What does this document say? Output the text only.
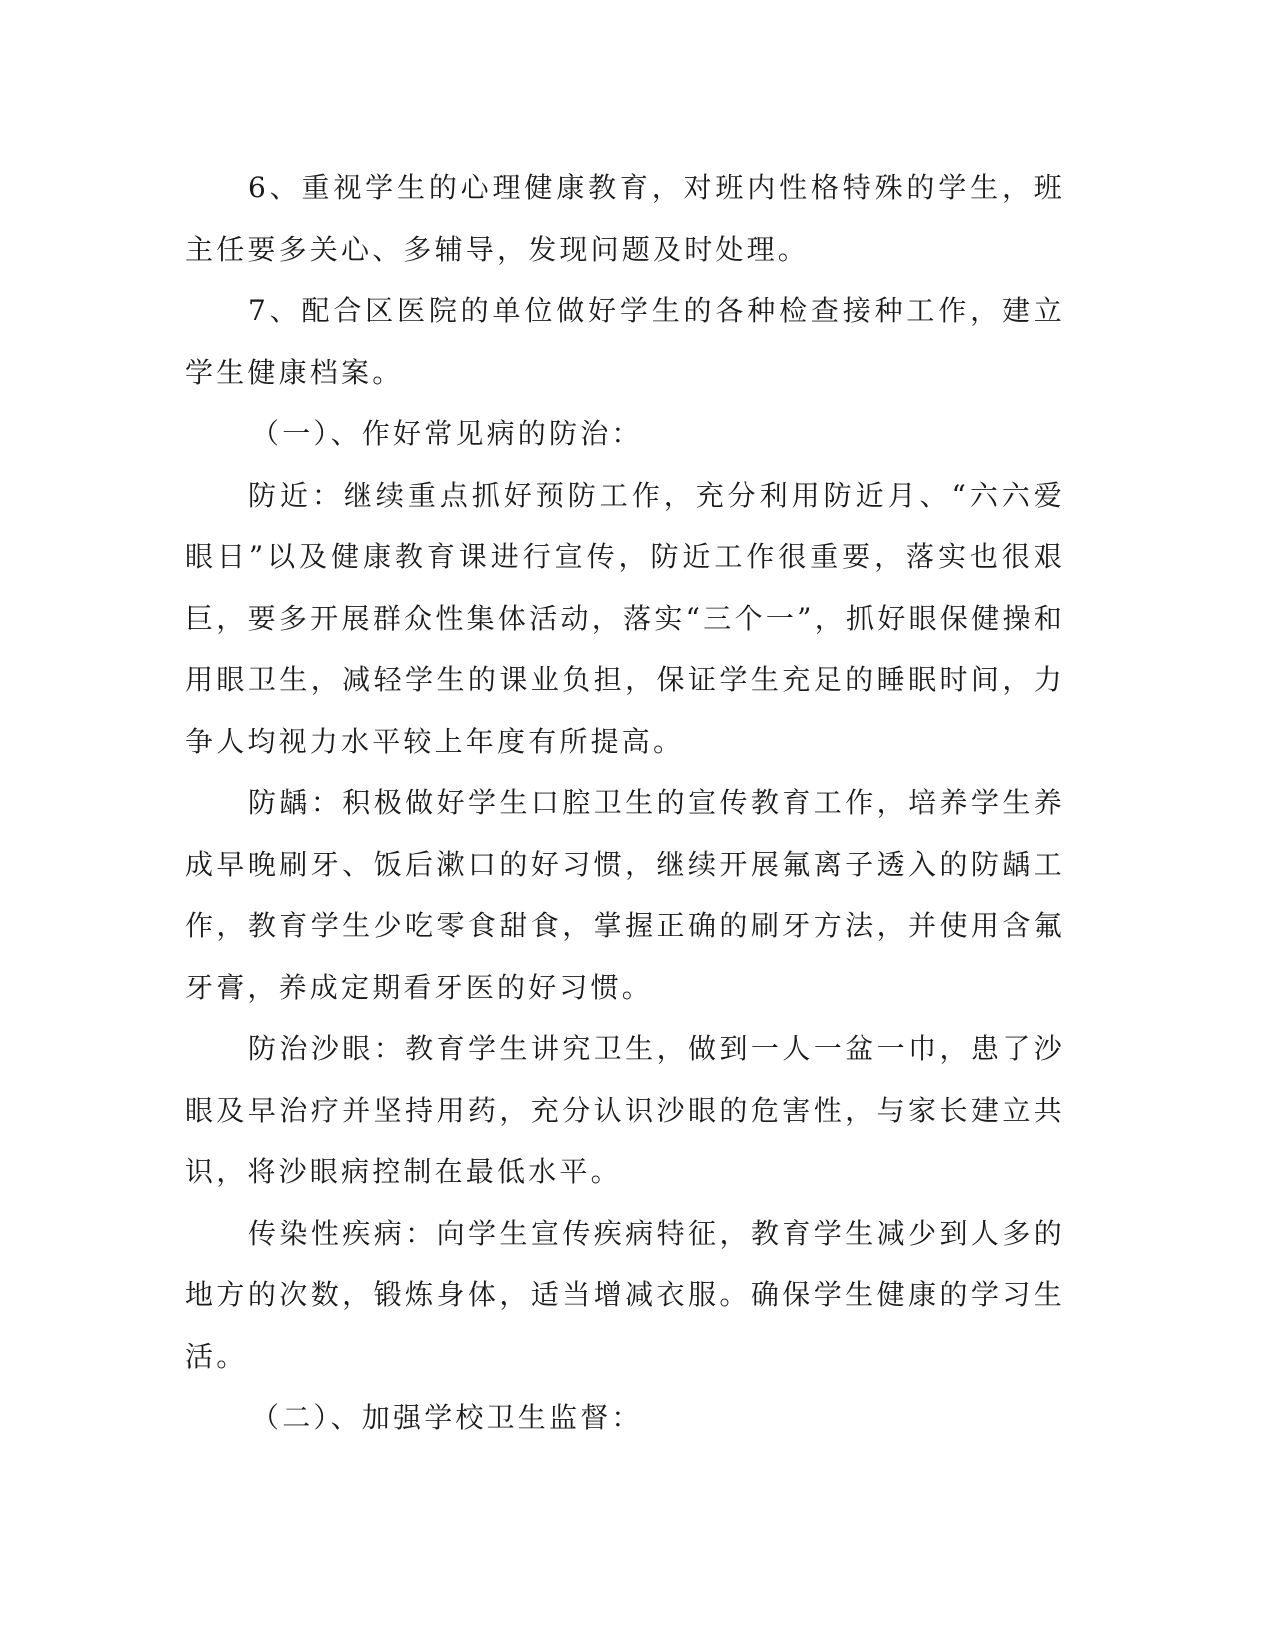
6、重视学生的心理健康教育，对班内性格特殊的学生，班主任要多关心、多辅导，发现问题及时处理。

7、配合区医院的单位做好学生的各种检查接种工作，建立学生健康档案。

（一）、作好常见病的防治：

防近：继续重点抓好预防工作，充分利用防近月、“六六爱眼日”以及健康教育课进行宣传，防近工作很重要，落实也很艰巨，要多开展群众性集体活动，落实“三个一”，抓好眼保健操和用眼卫生，减轻学生的课业负担，保证学生充足的睡眠时间，力争人均视力水平较上年度有所提高。

防龋：积极做好学生口腔卫生的宣传教育工作，培养学生养成早晚刷牙、饭后漱口的好习惯，继续开展氟离子透入的防龋工作，教育学生少吃零食甜食，掌握正确的刷牙方法，并使用含氟牙膏，养成定期看牙医的好习惯。

防治沙眼：教育学生讲究卫生，做到一人一盆一巾，患了沙眼及早治疗并坚持用药，充分认识沙眼的危害性，与家长建立共识，将沙眼病控制在最低水平。

传染性疾病：向学生宣传疾病特征，教育学生减少到人多的地方的次数，锻炼身体，适当增减衣服。确保学生健康的学习生活。

（二）、加强学校卫生监督：
